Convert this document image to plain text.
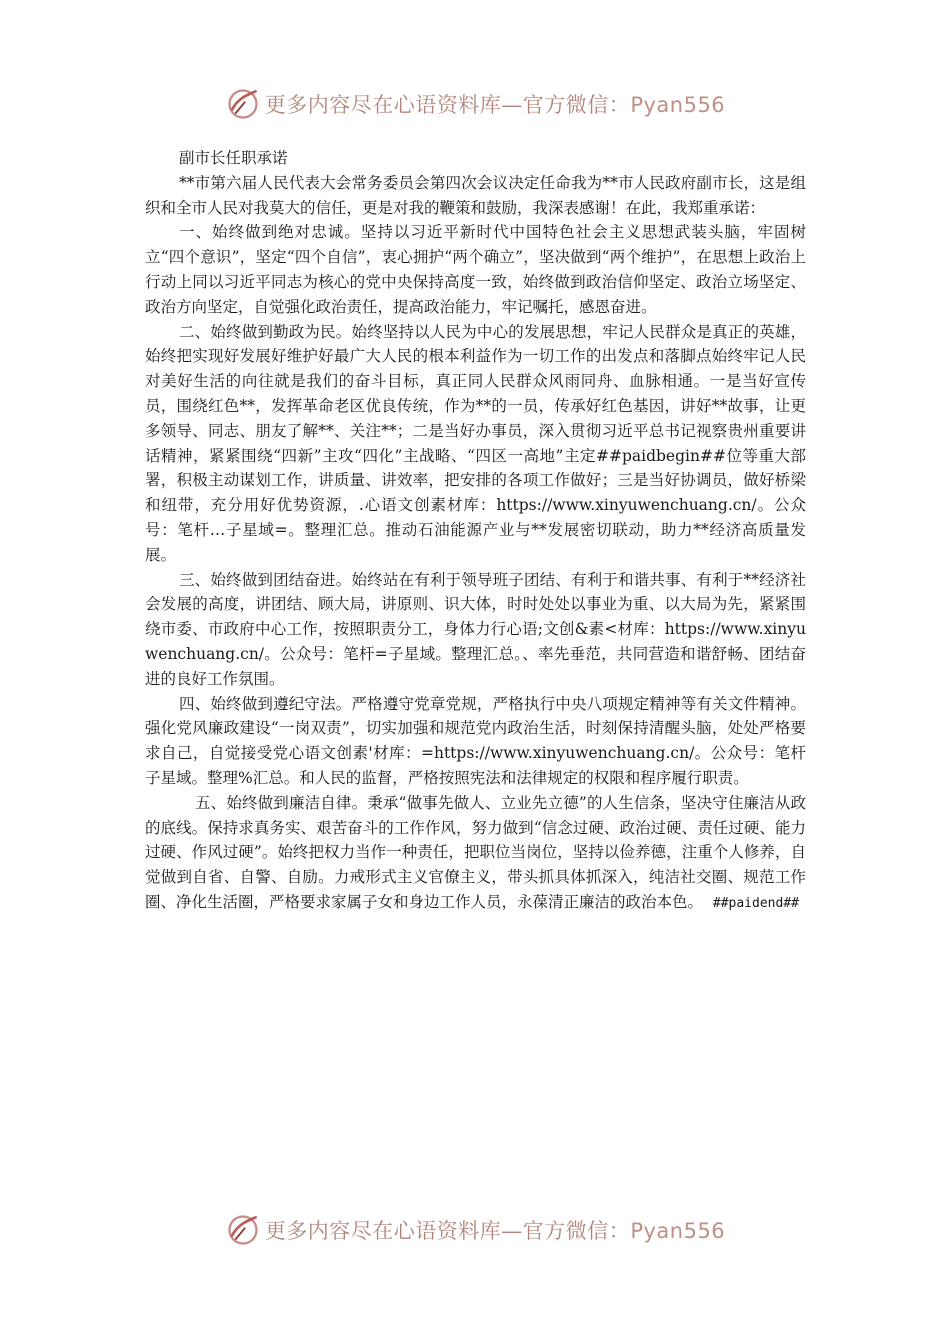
更多内容尽在心语资料库—官方微信：Pyan556

副市长任职承诺

**市第六届人民代表大会常务委员会第四次会议决定任命我为**市人民政府副市长，这是组织和全市人民对我莫大的信任，更是对我的鞭策和鼓励，我深表感谢！在此，我郑重承诺：

一、始终做到绝对忠诚。坚持以习近平新时代中国特色社会主义思想武装头脑，牢固树立“四个意识”，坚定“四个自信”，衷心拥护“两个确立”，坚决做到“两个维护”，在思想上政治上行动上同以习近平同志为核心的党中央保持高度一致，始终做到政治信仰坚定、政治立场坚定、政治方向坚定，自觉强化政治责任，提高政治能力，牢记嘱托，感恩奋进。

二、始终做到勤政为民。始终坚持以人民为中心的发展思想，牢记人民群众是真正的英雄，始终把实现好发展好维护好最广大人民的根本利益作为一切工作的出发点和落脚点始终牢记人民对美好生活的向往就是我们的奋斗目标，真正同人民群众风雨同舟、血脉相通。一是当好宣传员，围绕红色**，发挥革命老区优良传统，作为**的一员，传承好红色基因，讲好**故事，让更多领导、同志、朋友了解**、关注**；二是当好办事员，深入贯彻习近平总书记视察贵州重要讲话精神，紧紧围绕“四新”主攻“四化”主战略、“四区一高地”主定##paidbegin##位等重大部署，积极主动谋划工作，讲质量、讲效率，把安排的各项工作做好；三是当好协调员，做好桥梁和纽带，充分用好优势资源，.心语文创素材库：https://www.xinyuwenchuang.cn/。公众号：笔杆…子星域=。整理汇总。推动石油能源产业与**发展密切联动，助力**经济高质量发展。

三、始终做到团结奋进。始终站在有利于领导班子团结、有利于和谐共事、有利于**经济社会发展的高度，讲团结、顾大局，讲原则、识大体，时时处处以事业为重、以大局为先，紧紧围绕市委、市政府中心工作，按照职责分工，身体力行心语;文创&素<材库：https://www.xinyuwenchuang.cn/。公众号：笔杆=子星域。整理汇总。、率先垂范，共同营造和谐舒畅、团结奋进的良好工作氛围。

四、始终做到遵纪守法。严格遵守党章党规，严格执行中央八项规定精神等有关文件精神。强化党风廉政建设“一岗双责”，切实加强和规范党内政治生活，时刻保持清醒头脑，处处严格要求自己，自觉接受党心语文创素'材库：=https://www.xinyuwenchuang.cn/。公众号：笔杆子星域。整理%汇总。和人民的监督，严格按照宪法和法律规定的权限和程序履行职责。

五、始终做到廉洁自律。秉承“做事先做人、立业先立德”的人生信条，坚决守住廉洁从政的底线。保持求真务实、艰苦奋斗的工作作风，努力做到“信念过硬、政治过硬、责任过硬、能力过硬、作风过硬”。始终把权力当作一种责任，把职位当岗位，坚持以俭养德，注重个人修养，自觉做到自省、自警、自励。力戒形式主义官僚主义，带头抓具体抓深入，纯洁社交圈、规范工作圈、净化生活圈，严格要求家属子女和身边工作人员，永葆清正廉洁的政治本色。 ##paidend##

更多内容尽在心语资料库—官方微信：Pyan556
